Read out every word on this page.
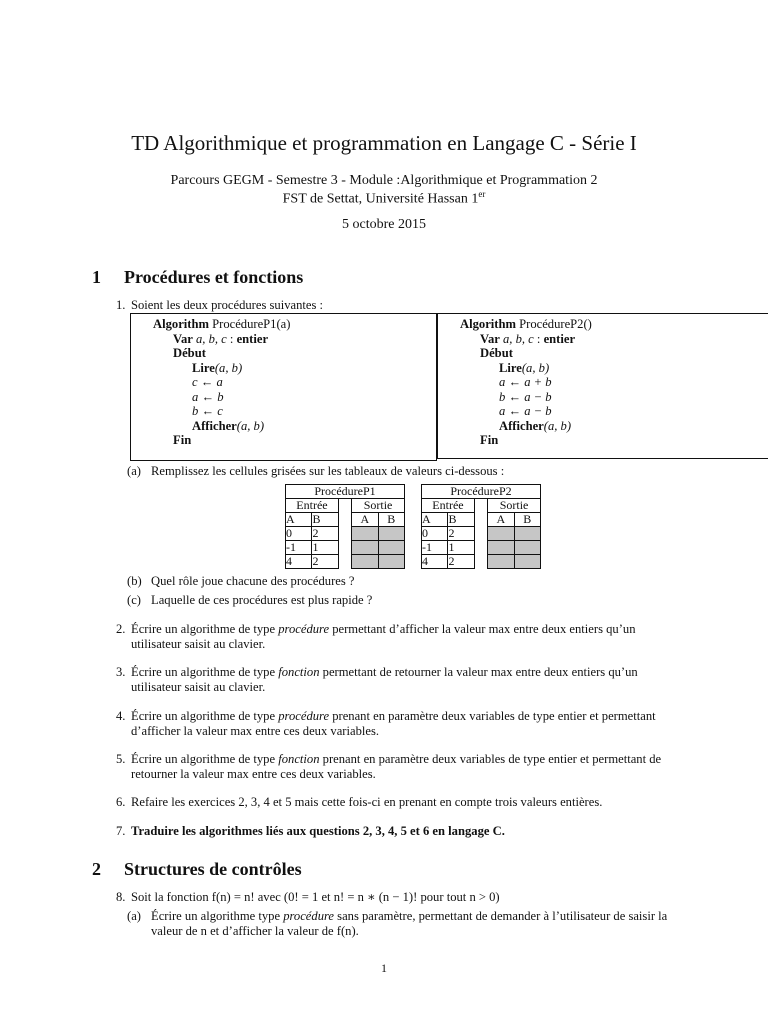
TD Algorithmique et programmation en Langage C - Série I
Parcours GEGM - Semestre 3 - Module :Algorithmique et Programmation 2
FST de Settat, Université Hassan 1er
5 octobre 2015
1 Procédures et fonctions
1. Soient les deux procédures suivantes :
Algorithm ProcédureP1(a)
Var a, b, c : entier
Début
Lire(a, b)
c ← a
a ← b
b ← c
Afficher(a, b)
Fin
Algorithm ProcédureP2()
Var a, b, c : entier
Début
Lire(a, b)
a ← a + b
b ← a − b
a ← a − b
Afficher(a, b)
Fin
(a) Remplissez les cellules grisées sur les tableaux de valeurs ci-dessous :
ProcédureP1				
Entrée			Sortie	
A	B		A	B
0	2			
-1	1			
4	2			
ProcédureP2				
Entrée			Sortie	
A	B		A	B
0	2			
-1	1			
4	2			
(b) Quel rôle joue chacune des procédures ?
(c) Laquelle de ces procédures est plus rapide ?
2. Écrire un algorithme de type procédure permettant d’afficher la valeur max entre deux entiers qu’un utilisateur saisit au clavier.
3. Écrire un algorithme de type fonction permettant de retourner la valeur max entre deux entiers qu’un utilisateur saisit au clavier.
4. Écrire un algorithme de type procédure prenant en paramètre deux variables de type entier et permettant d’afficher la valeur max entre ces deux variables.
5. Écrire un algorithme de type fonction prenant en paramètre deux variables de type entier et permettant de retourner la valeur max entre ces deux variables.
6. Refaire les exercices 2, 3, 4 et 5 mais cette fois-ci en prenant en compte trois valeurs entières.
7. Traduire les algorithmes liés aux questions 2, 3, 4, 5 et 6 en langage C.
2 Structures de contrôles
8. Soit la fonction f(n) = n! avec (0! = 1 et n! = n ∗ (n − 1)! pour tout n > 0)
(a) Écrire un algorithme type procédure sans paramètre, permettant de demander à l’utilisateur de saisir la valeur de n et d’afficher la valeur de f(n).
1
